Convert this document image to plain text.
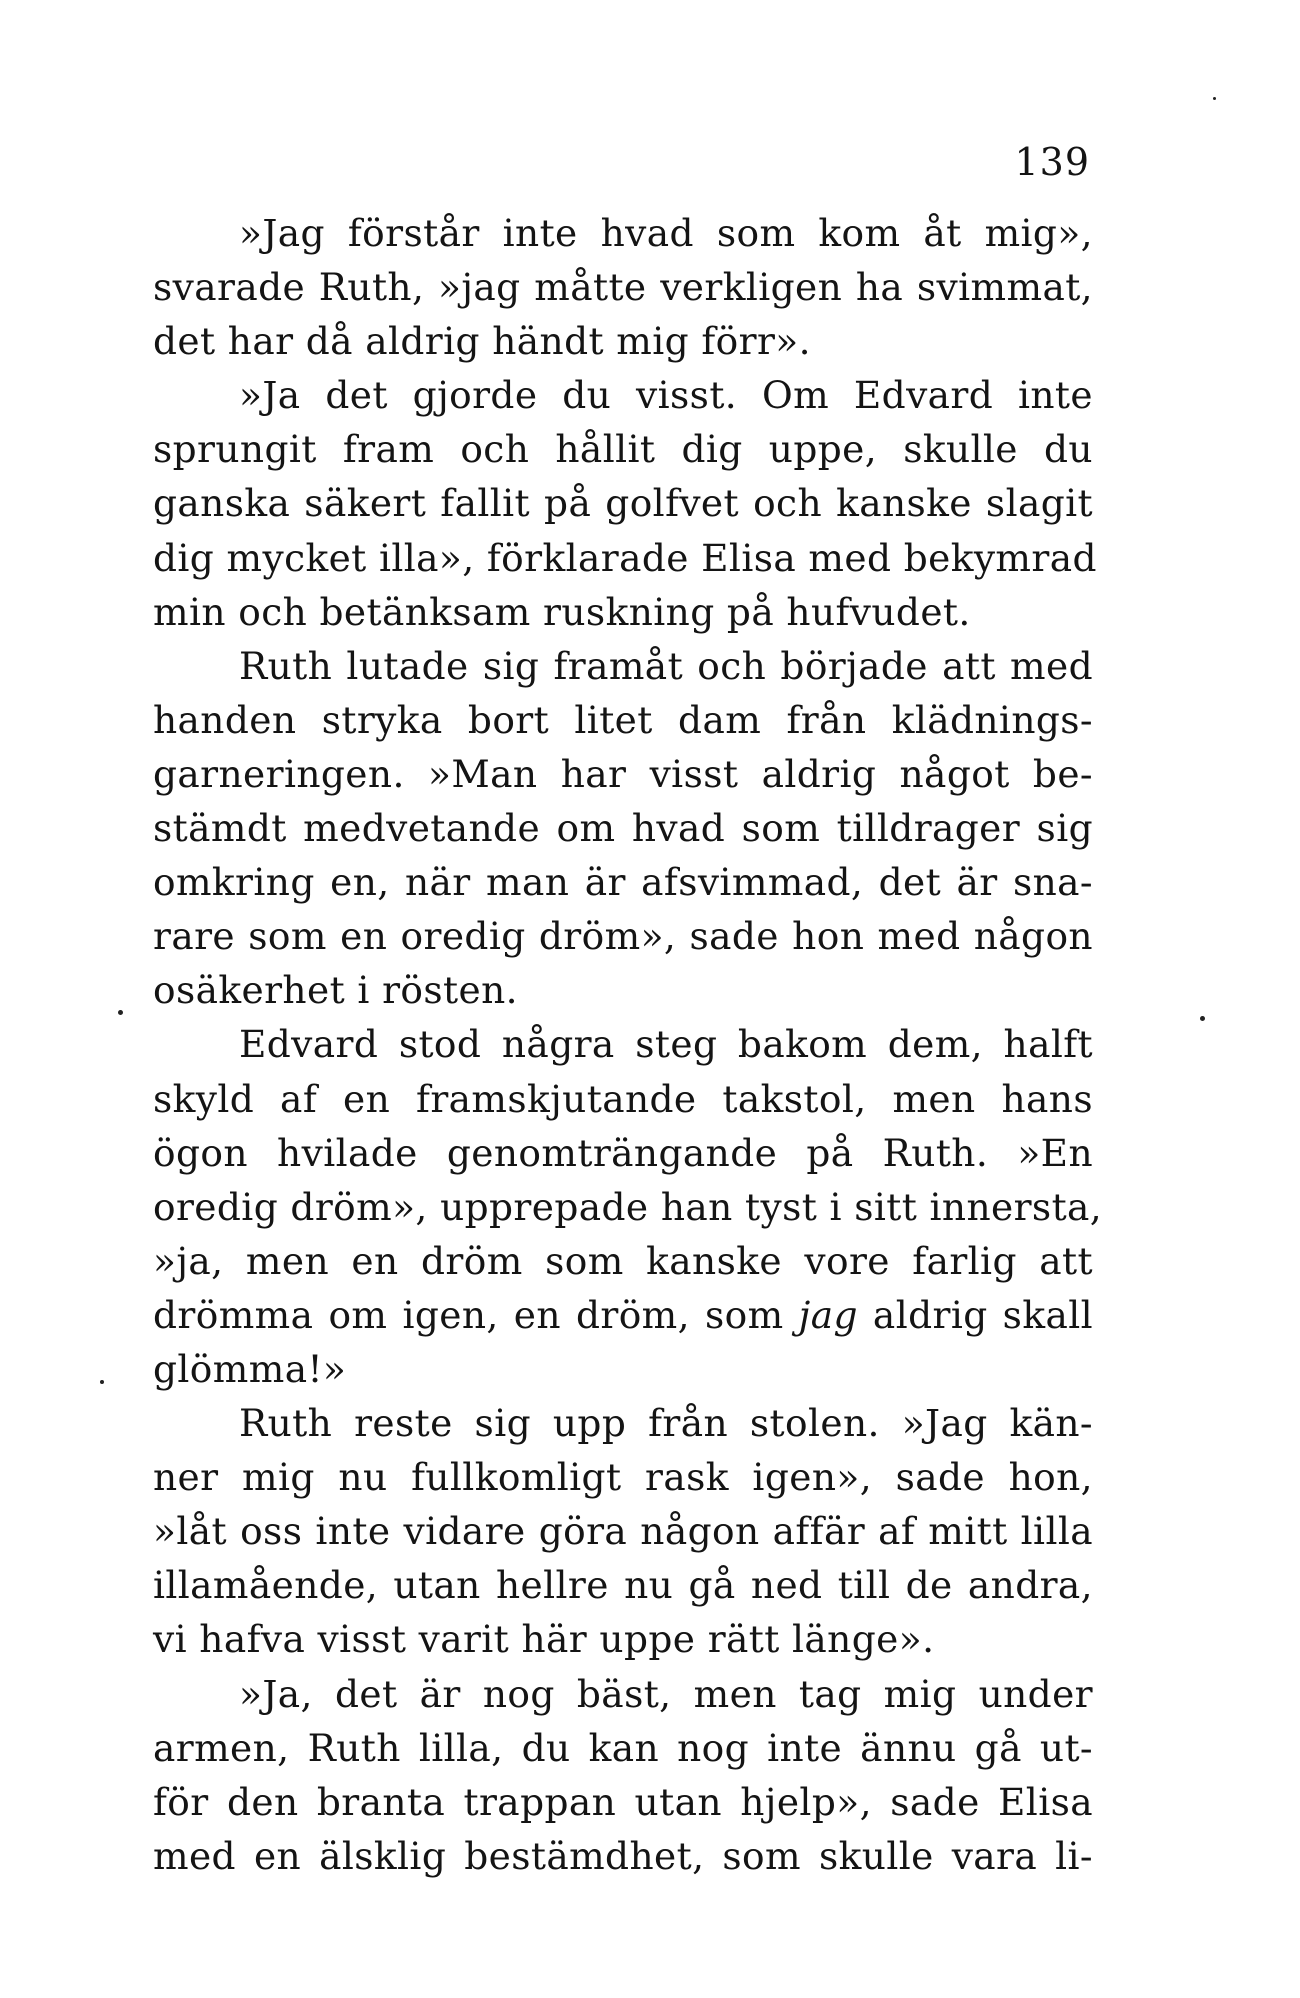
139
»Jag förstår inte hvad som kom åt mig»,
svarade Ruth, »jag måtte verkligen ha svimmat,
det har då aldrig händt mig förr».
»Ja det gjorde du visst. Om Edvard inte
sprungit fram och hållit dig uppe, skulle du
ganska säkert fallit på golfvet och kanske slagit
dig mycket illa», förklarade Elisa med bekymrad
min och betänksam ruskning på hufvudet.
Ruth lutade sig framåt och började att med
handen stryka bort litet dam från klädnings-
garneringen. »Man har visst aldrig något be-
stämdt medvetande om hvad som tilldrager sig
omkring en, när man är afsvimmad, det är sna-
rare som en oredig dröm», sade hon med någon
osäkerhet i rösten.
Edvard stod några steg bakom dem, halft
skyld af en framskjutande takstol, men hans
ögon hvilade genomträngande på Ruth. »En
oredig dröm», upprepade han tyst i sitt innersta,
»ja, men en dröm som kanske vore farlig att
drömma om igen, en dröm, som jag aldrig skall
glömma!»
Ruth reste sig upp från stolen. »Jag kän-
ner mig nu fullkomligt rask igen», sade hon,
»låt oss inte vidare göra någon affär af mitt lilla
illamående, utan hellre nu gå ned till de andra,
vi hafva visst varit här uppe rätt länge».
»Ja, det är nog bäst, men tag mig under
armen, Ruth lilla, du kan nog inte ännu gå ut-
för den branta trappan utan hjelp», sade Elisa
med en älsklig bestämdhet, som skulle vara li-
